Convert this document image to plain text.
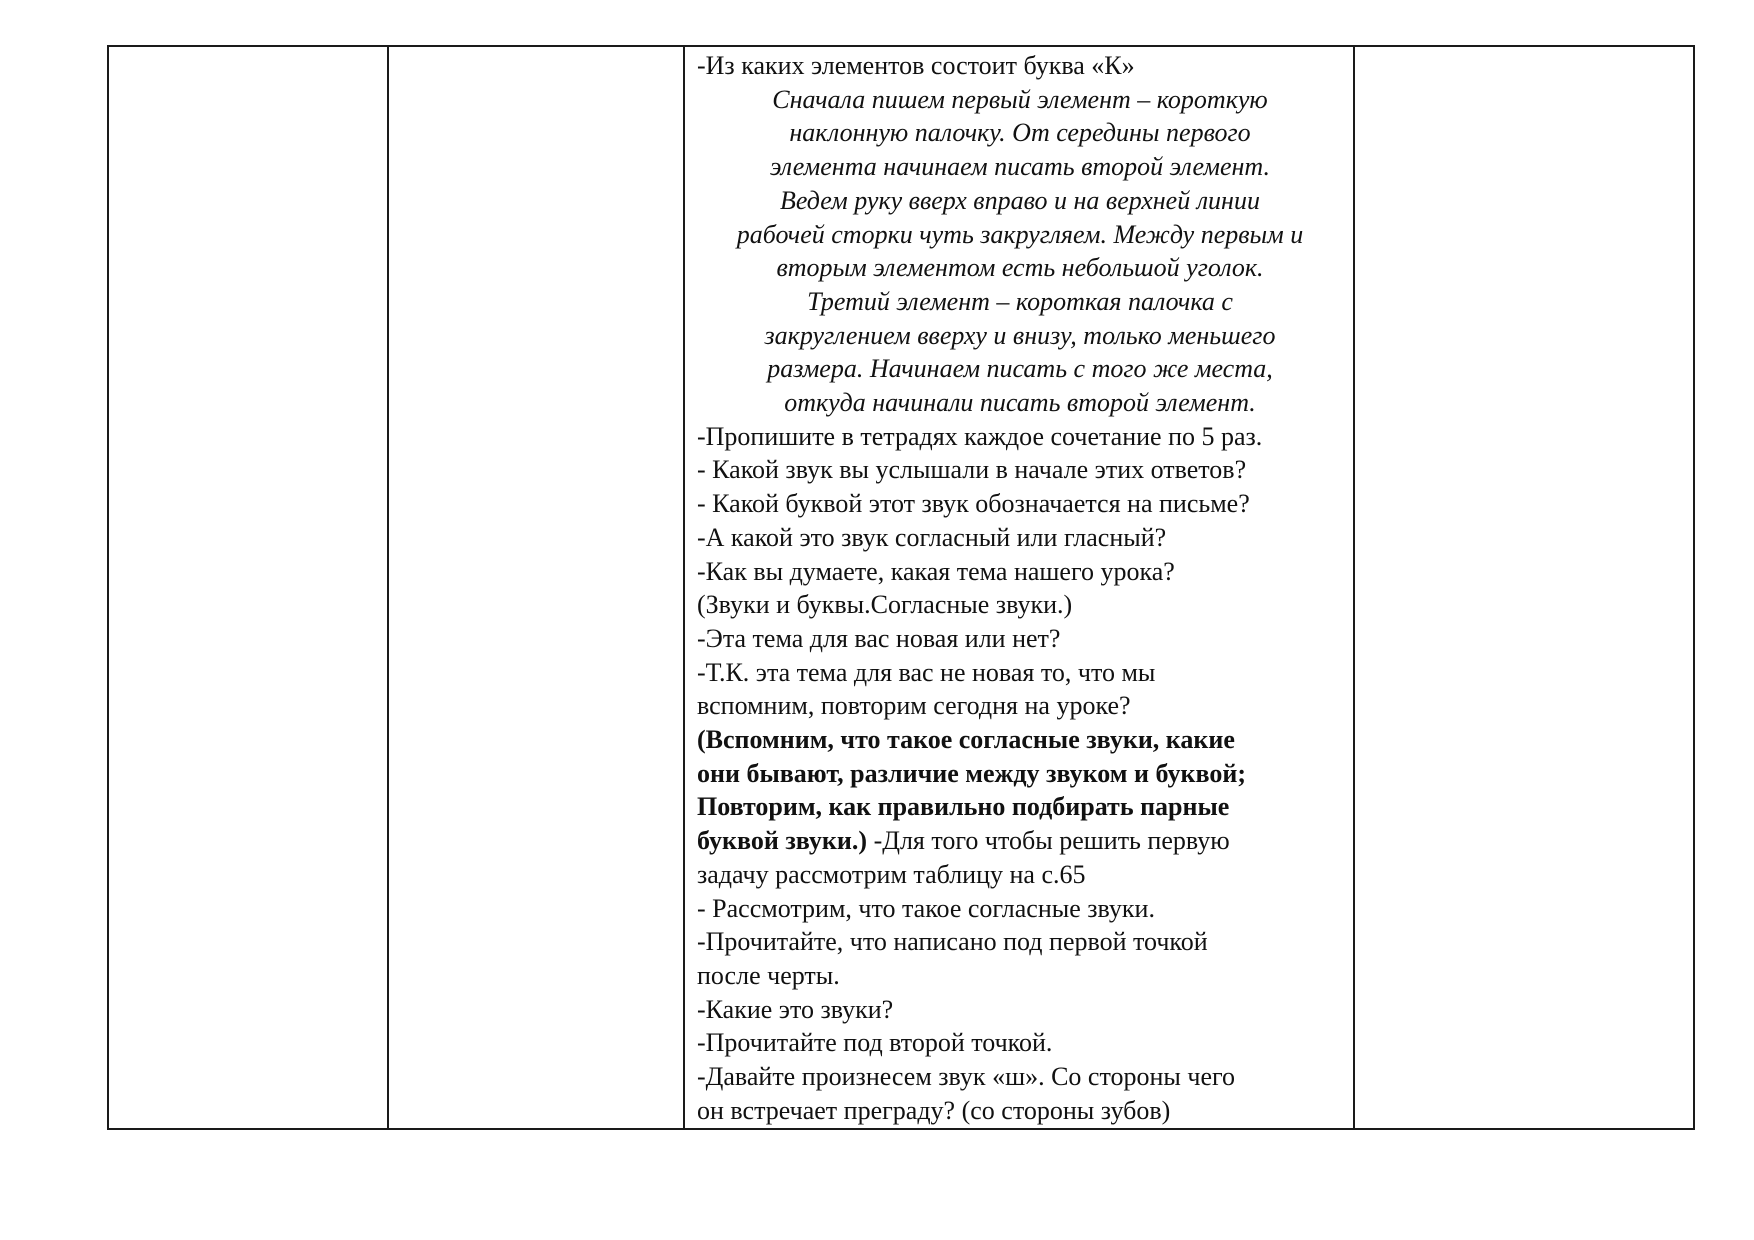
-Из каких элементов состоит буква «К»
Сначала пишем первый элемент – короткую
наклонную палочку. От середины первого
элемента начинаем писать второй элемент.
Ведем руку вверх вправо и на верхней линии
рабочей сторки чуть закругляем. Между первым и
вторым элементом есть небольшой уголок.
Третий элемент – короткая палочка с
закруглением вверху и внизу, только меньшего
размера. Начинаем писать с того же места,
откуда начинали писать второй элемент.
-Пропишите в тетрадях каждое сочетание по 5 раз.
- Какой звук вы услышали в начале этих ответов?
- Какой буквой этот звук обозначается на письме?
-А какой это звук согласный или гласный?
-Как вы думаете, какая тема нашего урока?
(Звуки и буквы.Согласные звуки.)
-Эта тема для вас новая или нет?
-Т.К. эта тема для вас не новая то, что мы
вспомним, повторим сегодня на уроке?
(Вспомним, что такое согласные звуки, какие
они бывают, различие между звуком и буквой;
Повторим, как правильно подбирать парные
буквой звуки.) -Для того чтобы решить первую
задачу рассмотрим таблицу на с.65
- Рассмотрим, что такое согласные звуки.
-Прочитайте, что написано под первой точкой
после черты.
-Какие это звуки?
-Прочитайте под второй точкой.
-Давайте произнесем звук «ш». Со стороны чего
он встречает преграду? (со стороны зубов)
